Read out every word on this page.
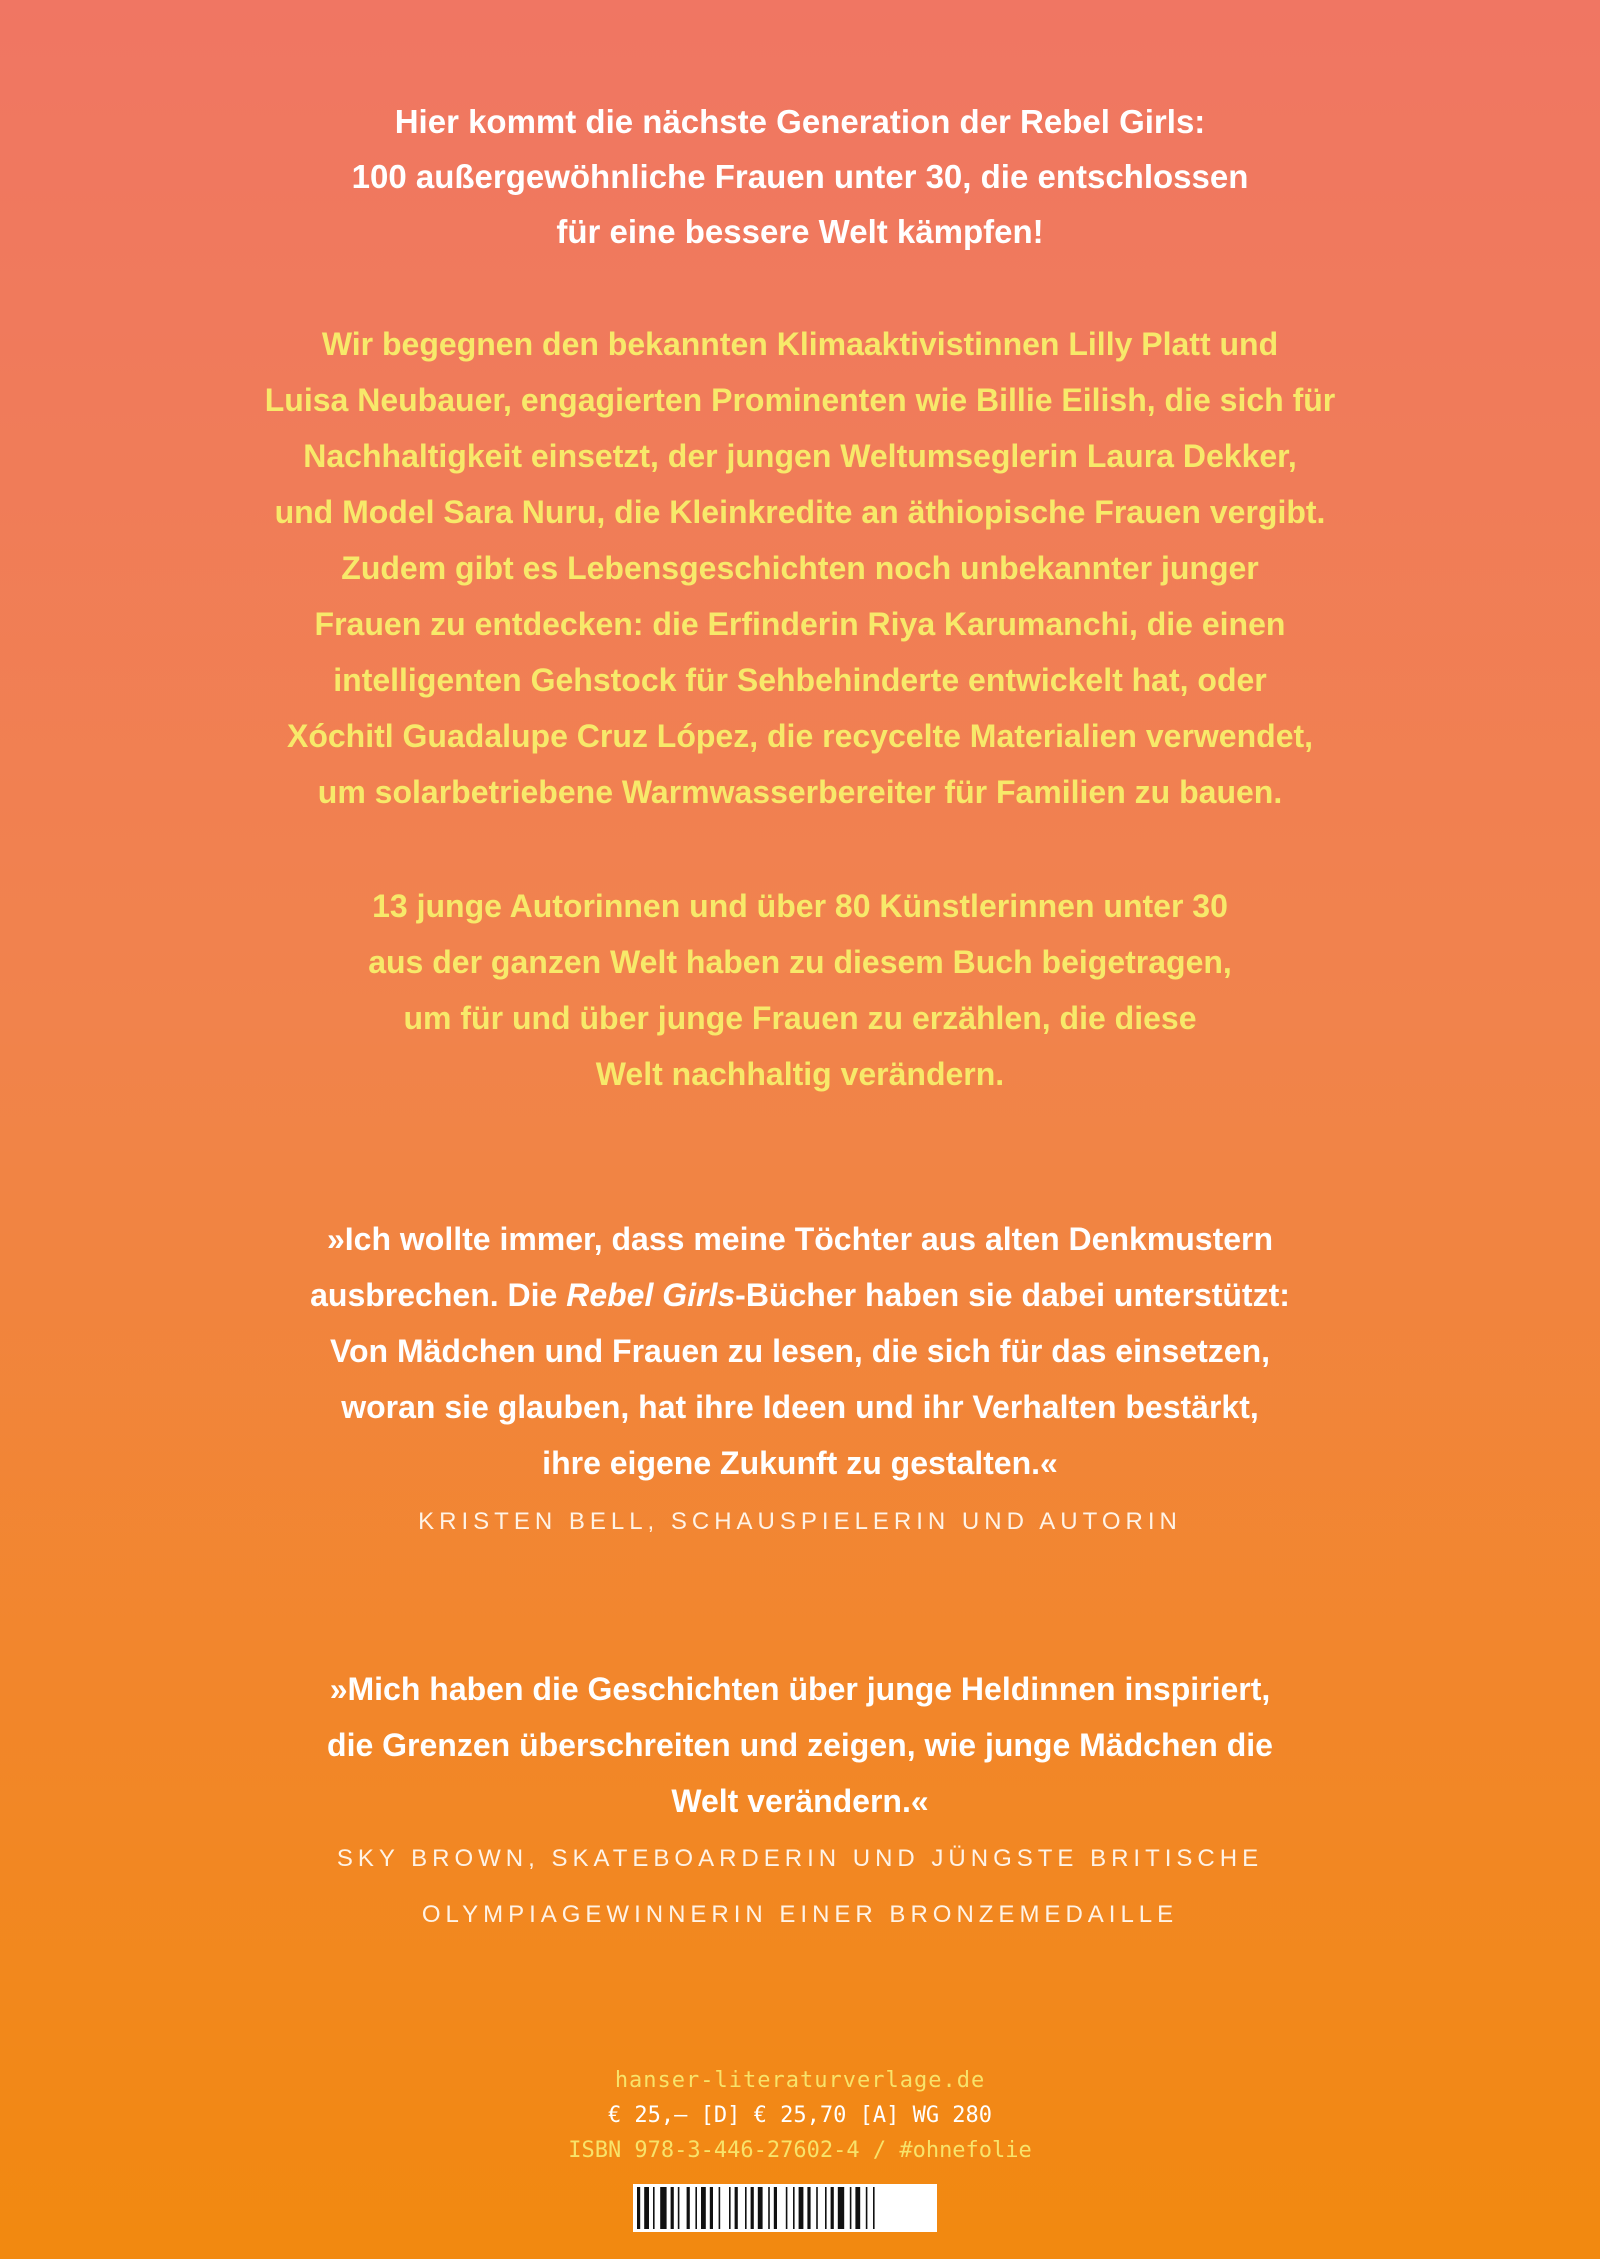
Hier kommt die nächste Generation der Rebel Girls:
100 außergewöhnliche Frauen unter 30, die entschlossen
für eine bessere Welt kämpfen!
Wir begegnen den bekannten Klimaaktivistinnen Lilly Platt und
Luisa Neubauer, engagierten Prominenten wie Billie Eilish, die sich für
Nachhaltigkeit einsetzt, der jungen Weltumseglerin Laura Dekker,
und Model Sara Nuru, die Kleinkredite an äthiopische Frauen vergibt.
Zudem gibt es Lebensgeschichten noch unbekannter junger
Frauen zu entdecken: die Erfinderin Riya Karumanchi, die einen
intelligenten Gehstock für Sehbehinderte entwickelt hat, oder
Xóchitl Guadalupe Cruz López, die recycelte Materialien verwendet,
um solarbetriebene Warmwasserbereiter für Familien zu bauen.
13 junge Autorinnen und über 80 Künstlerinnen unter 30
aus der ganzen Welt haben zu diesem Buch beigetragen,
um für und über junge Frauen zu erzählen, die diese
Welt nachhaltig verändern.
»Ich wollte immer, dass meine Töchter aus alten Denkmustern
ausbrechen. Die Rebel Girls-Bücher haben sie dabei unterstützt:
Von Mädchen und Frauen zu lesen, die sich für das einsetzen,
woran sie glauben, hat ihre Ideen und ihr Verhalten bestärkt,
ihre eigene Zukunft zu gestalten.«
KRISTEN BELL, SCHAUSPIELERIN UND AUTORIN
»Mich haben die Geschichten über junge Heldinnen inspiriert,
die Grenzen überschreiten und zeigen, wie junge Mädchen die
Welt verändern.«
SKY BROWN, SKATEBOARDERIN UND JÜNGSTE BRITISCHE
OLYMPIAGEWINNERIN EINER BRONZEMEDAILLE
hanser-literaturverlage.de
€ 25,– [D] € 25,70 [A] WG 280
ISBN 978-3-446-27602-4 / #ohnefolie
